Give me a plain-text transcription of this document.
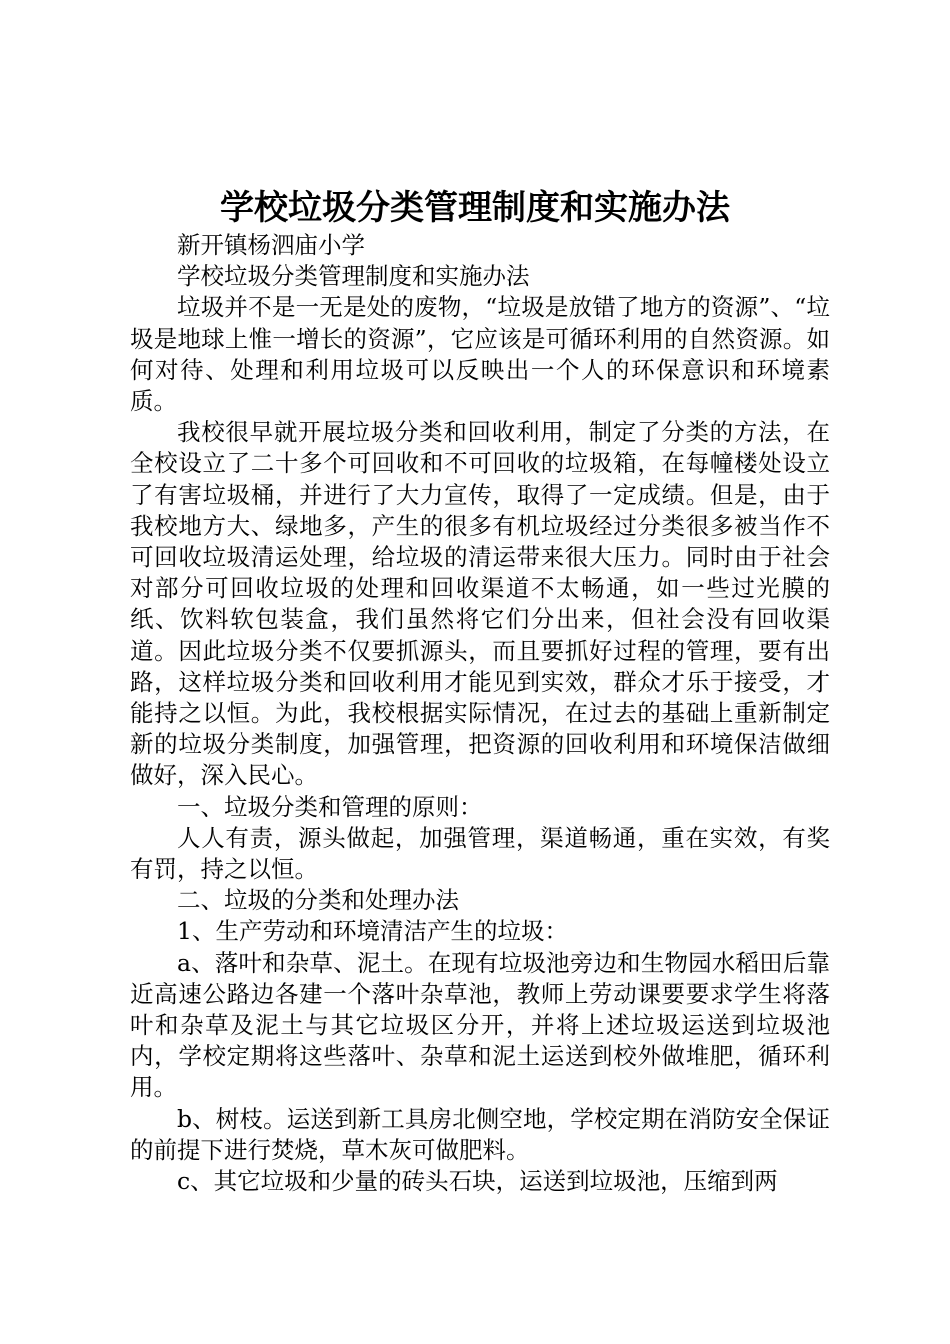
学校垃圾分类管理制度和实施办法

新开镇杨泗庙小学

学校垃圾分类管理制度和实施办法

垃圾并不是一无是处的废物，“垃圾是放错了地方的资源”、“垃圾是地球上惟一增长的资源”，它应该是可循环利用的自然资源。如何对待、处理和利用垃圾可以反映出一个人的环保意识和环境素质。

我校很早就开展垃圾分类和回收利用，制定了分类的方法，在全校设立了二十多个可回收和不可回收的垃圾箱，在每幢楼处设立了有害垃圾桶，并进行了大力宣传，取得了一定成绩。但是，由于我校地方大、绿地多，产生的很多有机垃圾经过分类很多被当作不可回收垃圾清运处理，给垃圾的清运带来很大压力。同时由于社会对部分可回收垃圾的处理和回收渠道不太畅通，如一些过光膜的纸、饮料软包装盒，我们虽然将它们分出来，但社会没有回收渠道。因此垃圾分类不仅要抓源头，而且要抓好过程的管理，要有出路，这样垃圾分类和回收利用才能见到实效，群众才乐于接受，才能持之以恒。为此，我校根据实际情况，在过去的基础上重新制定新的垃圾分类制度，加强管理，把资源的回收利用和环境保洁做细做好，深入民心。

一、垃圾分类和管理的原则：

人人有责，源头做起，加强管理，渠道畅通，重在实效，有奖有罚，持之以恒。

二、垃圾的分类和处理办法

1、生产劳动和环境清洁产生的垃圾：

a、落叶和杂草、泥土。在现有垃圾池旁边和生物园水稻田后靠近高速公路边各建一个落叶杂草池，教师上劳动课要要求学生将落叶和杂草及泥土与其它垃圾区分开，并将上述垃圾运送到垃圾池内，学校定期将这些落叶、杂草和泥土运送到校外做堆肥，循环利用。

b、树枝。运送到新工具房北侧空地，学校定期在消防安全保证的前提下进行焚烧，草木灰可做肥料。

c、其它垃圾和少量的砖头石块，运送到垃圾池，压缩到两
